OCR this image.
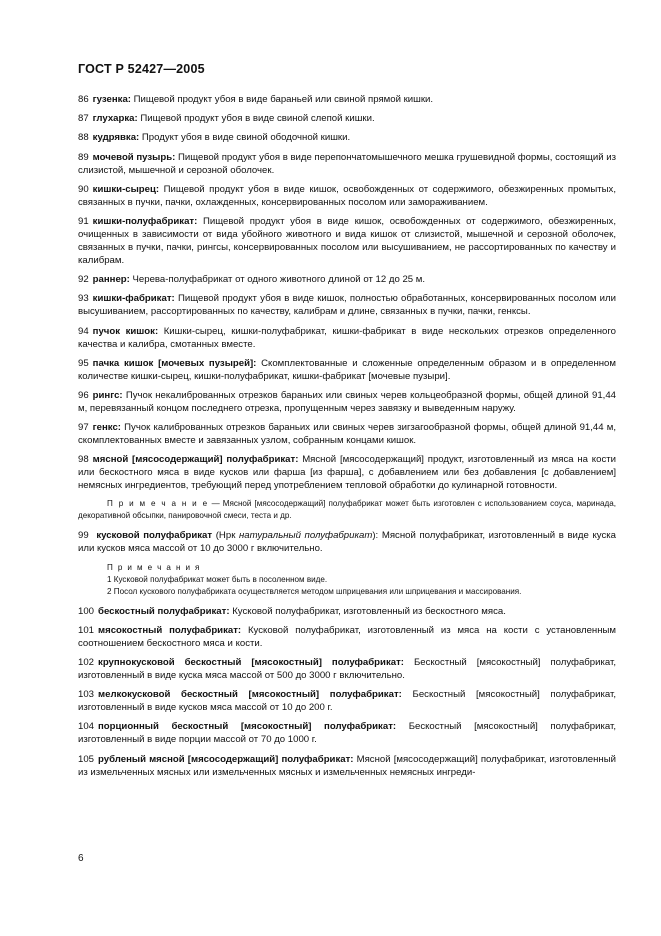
ГОСТ Р 52427—2005
86 гузенка: Пищевой продукт убоя в виде бараньей или свиной прямой кишки.
87 глухарка: Пищевой продукт убоя в виде свиной слепой кишки.
88 кудрявка: Продукт убоя в виде свиной ободочной кишки.
89 мочевой пузырь: Пищевой продукт убоя в виде перепончатомышечного мешка грушевидной формы, состоящий из слизистой, мышечной и серозной оболочек.
90 кишки-сырец: Пищевой продукт убоя в виде кишок, освобожденных от содержимого, обезжиренных промытых, связанных в пучки, пачки, охлажденных, консервированных посолом или замораживанием.
91 кишки-полуфабрикат: Пищевой продукт убоя в виде кишок, освобожденных от содержимого, обезжиренных, очищенных в зависимости от вида убойного животного и вида кишок от слизистой, мышечной и серозной оболочек, связанных в пучки, пачки, рингсы, консервированных посолом или высушиванием, не рассортированных по качеству и калибрам.
92 раннер: Черева-полуфабрикат от одного животного длиной от 12 до 25 м.
93 кишки-фабрикат: Пищевой продукт убоя в виде кишок, полностью обработанных, консервированных посолом или высушиванием, рассортированных по качеству, калибрам и длине, связанных в пучки, пачки, генксы.
94 пучок кишок: Кишки-сырец, кишки-полуфабрикат, кишки-фабрикат в виде нескольких отрезков определенного качества и калибра, смотанных вместе.
95 пачка кишок [мочевых пузырей]: Скомплектованные и сложенные определенным образом и в определенном количестве кишки-сырец, кишки-полуфабрикат, кишки-фабрикат [мочевые пузыри].
96 рингс: Пучок некалиброванных отрезков бараньих или свиных черев кольцеобразной формы, общей длиной 91,44 м, перевязанный концом последнего отрезка, пропущенным через завязку и выведенным наружу.
97 генкс: Пучок калиброванных отрезков бараньих или свиных черев зигзагообразной формы, общей длиной 91,44 м, скомплектованных вместе и завязанных узлом, собранным концами кишок.
98 мясной [мясосодержащий] полуфабрикат: Мясной [мясосодержащий] продукт, изготовленный из мяса на кости или бескостного мяса в виде кусков или фарша [из фарша], с добавлением или без добавления [с добавлением] немясных ингредиентов, требующий перед употреблением тепловой обработки до кулинарной готовности.
П р и м е ч а н и е — Мясной [мясосодержащий] полуфабрикат может быть изготовлен с использованием соуса, маринада, декоративной обсыпки, панировочной смеси, теста и др.
99 кусковой полуфабрикат (Нрк натуральный полуфабрикат): Мясной полуфабрикат, изготовленный в виде куска или кусков мяса массой от 10 до 3000 г включительно.
П р и м е ч а н и я
1 Кусковой полуфабрикат может быть в посоленном виде.
2 Посол кускового полуфабриката осуществляется методом шприцевания или шприцевания и массирования.
100 бескостный полуфабрикат: Кусковой полуфабрикат, изготовленный из бескостного мяса.
101 мясокостный полуфабрикат: Кусковой полуфабрикат, изготовленный из мяса на кости с установленным соотношением бескостного мяса и кости.
102 крупнокусковой бескостный [мясокостный] полуфабрикат: Бескостный [мясокостный] полуфабрикат, изготовленный в виде куска мяса массой от 500 до 3000 г включительно.
103 мелкокусковой бескостный [мясокостный] полуфабрикат: Бескостный [мясокостный] полуфабрикат, изготовленный в виде кусков мяса массой от 10 до 200 г.
104 порционный бескостный [мясокостный] полуфабрикат: Бескостный [мясокостный] полуфабрикат, изготовленный в виде порции массой от 70 до 1000 г.
105 рубленый мясной [мясосодержащий] полуфабрикат: Мясной [мясосодержащий] полуфабрикат, изготовленный из измельченных мясных или измельченных мясных и измельченных немясных ингреди-
6
